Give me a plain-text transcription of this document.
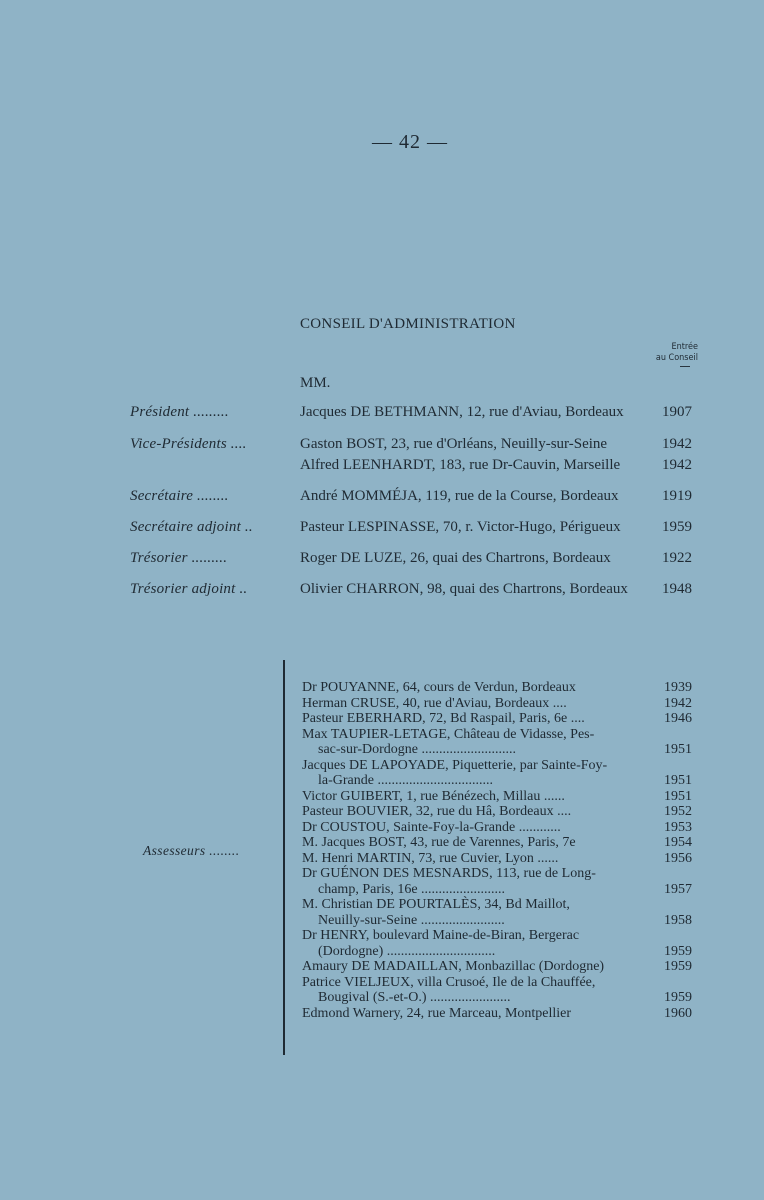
— 42 —
CONSEIL D'ADMINISTRATION
Entrée
au Conseil
MM.
Président .........	Jacques DE BETHMANN, 12, rue d'Aviau, Bordeaux	1907
Vice-Présidents ....	Gaston BOST, 23, rue d'Orléans, Neuilly-sur-Seine	1942
Alfred LEENHARDT, 183, rue Dr-Cauvin, Marseille	1942
Secrétaire ........	André MOMMÉJA, 119, rue de la Course, Bordeaux	1919
Secrétaire adjoint ..	Pasteur LESPINASSE, 70, r. Victor-Hugo, Périgueux	1959
Trésorier .........	Roger DE LUZE, 26, quai des Chartrons, Bordeaux	1922
Trésorier adjoint ..	Olivier CHARRON, 98, quai des Chartrons, Bordeaux 1948
Assesseurs ........
Dr POUYANNE, 64, cours de Verdun, Bordeaux	1939
Herman CRUSE, 40, rue d'Aviau, Bordeaux ....	1942
Pasteur EBERHARD, 72, Bd Raspail, Paris, 6e ....	1946
Max TAUPIER-LETAGE, Château de Vidasse, Pes-
sac-sur-Dordogne ...........................	1951
Jacques DE LAPOYADE, Piquetterie, par Sainte-Foy-
la-Grande .................................	1951
Victor GUIBERT, 1, rue Bénézech, Millau ......	1951
Pasteur BOUVIER, 32, rue du Hâ, Bordeaux ....	1952
Dr COUSTOU, Sainte-Foy-la-Grande ............	1953
M. Jacques BOST, 43, rue de Varennes, Paris, 7e	1954
M. Henri MARTIN, 73, rue Cuvier, Lyon ......	1956
Dr GUÉNON DES MESNARDS, 113, rue de Long-
champ, Paris, 16e ........................	1957
M. Christian DE POURTALÈS, 34, Bd Maillot,
Neuilly-sur-Seine ........................	1958
Dr HENRY, boulevard Maine-de-Biran, Bergerac
(Dordogne) ...............................	1959
Amaury DE MADAILLAN, Monbazillac (Dordogne)	1959
Patrice VIELJEUX, villa Crusoé, Ile de la Chauffée,
Bougival (S.-et-O.) .......................	1959
Edmond Warnery, 24, rue Marceau, Montpellier	1960
